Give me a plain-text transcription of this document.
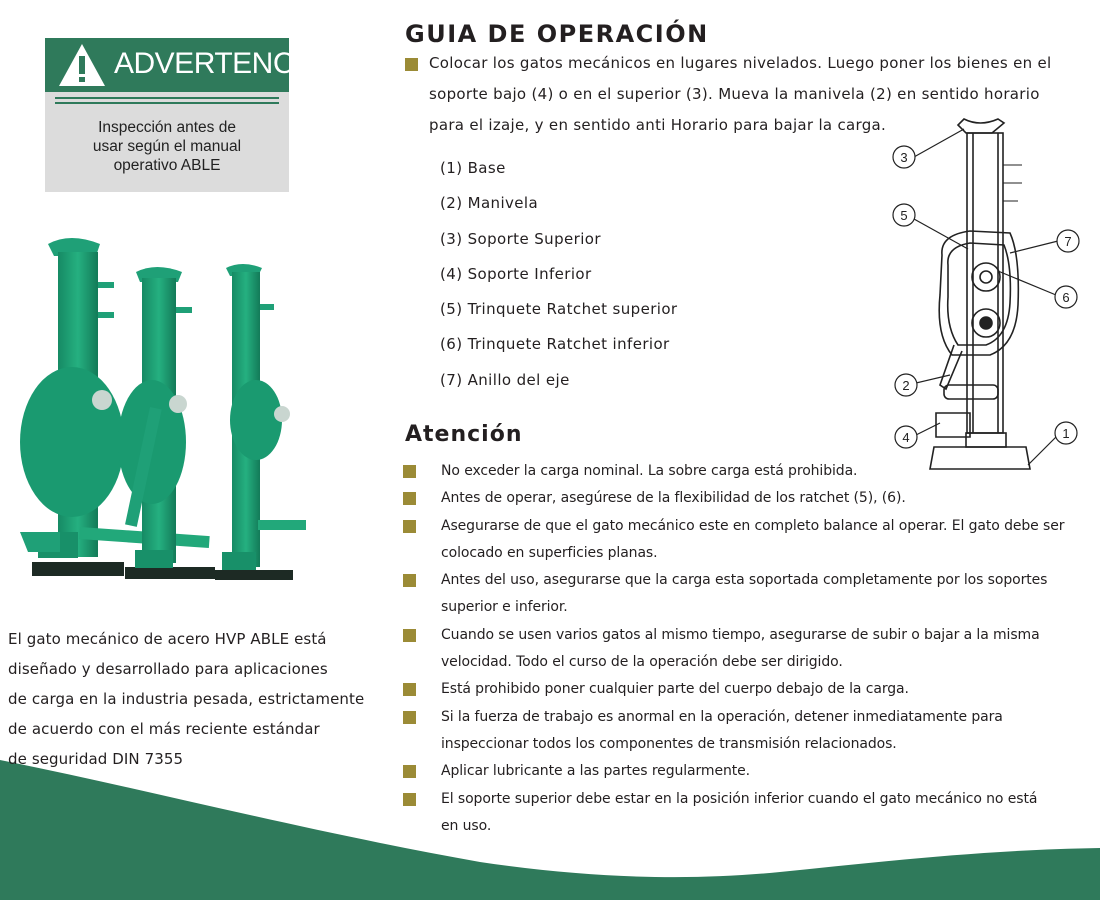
ADVERTENCIA
Inspección antes de
usar según el manual
operativo ABLE
El gato mecánico de acero HVP ABLE está
diseñado y desarrollado para aplicaciones
de carga en la industria pesada, estrictamente
de acuerdo con el más reciente estándar
de seguridad DIN 7355
GUIA DE OPERACIÓN
Colocar los gatos mecánicos en lugares nivelados. Luego poner los bienes en el
soporte bajo (4) o en el superior (3). Mueva la manivela (2) en sentido horario
para el izaje, y en sentido anti Horario para bajar la carga.
(1) Base
(2) Manivela
(3) Soporte Superior
(4) Soporte Inferior
(5) Trinquete Ratchet superior
(6) Trinquete Ratchet inferior
(7) Anillo del eje
3
5
7
6
2
4	1
Atención
No exceder la carga nominal. La sobre carga está prohibida.
Antes de operar, asegúrese de la flexibilidad de los ratchet (5), (6).
Asegurarse de que el gato mecánico este en completo balance al operar. El gato debe ser
colocado en superficies planas.
Antes del uso, asegurarse que la carga esta soportada completamente por los soportes
superior e inferior.
Cuando se usen varios gatos al mismo tiempo, asegurarse de subir o bajar a la misma
velocidad. Todo el curso de la operación debe ser dirigido.
Está prohibido poner cualquier parte del cuerpo debajo de la carga.
Si la fuerza de trabajo es anormal en la operación, detener inmediatamente para
inspeccionar todos los componentes de transmisión relacionados.
Aplicar lubricante a las partes regularmente.
El soporte superior debe estar en la posición inferior cuando el gato mecánico no está
en uso.
